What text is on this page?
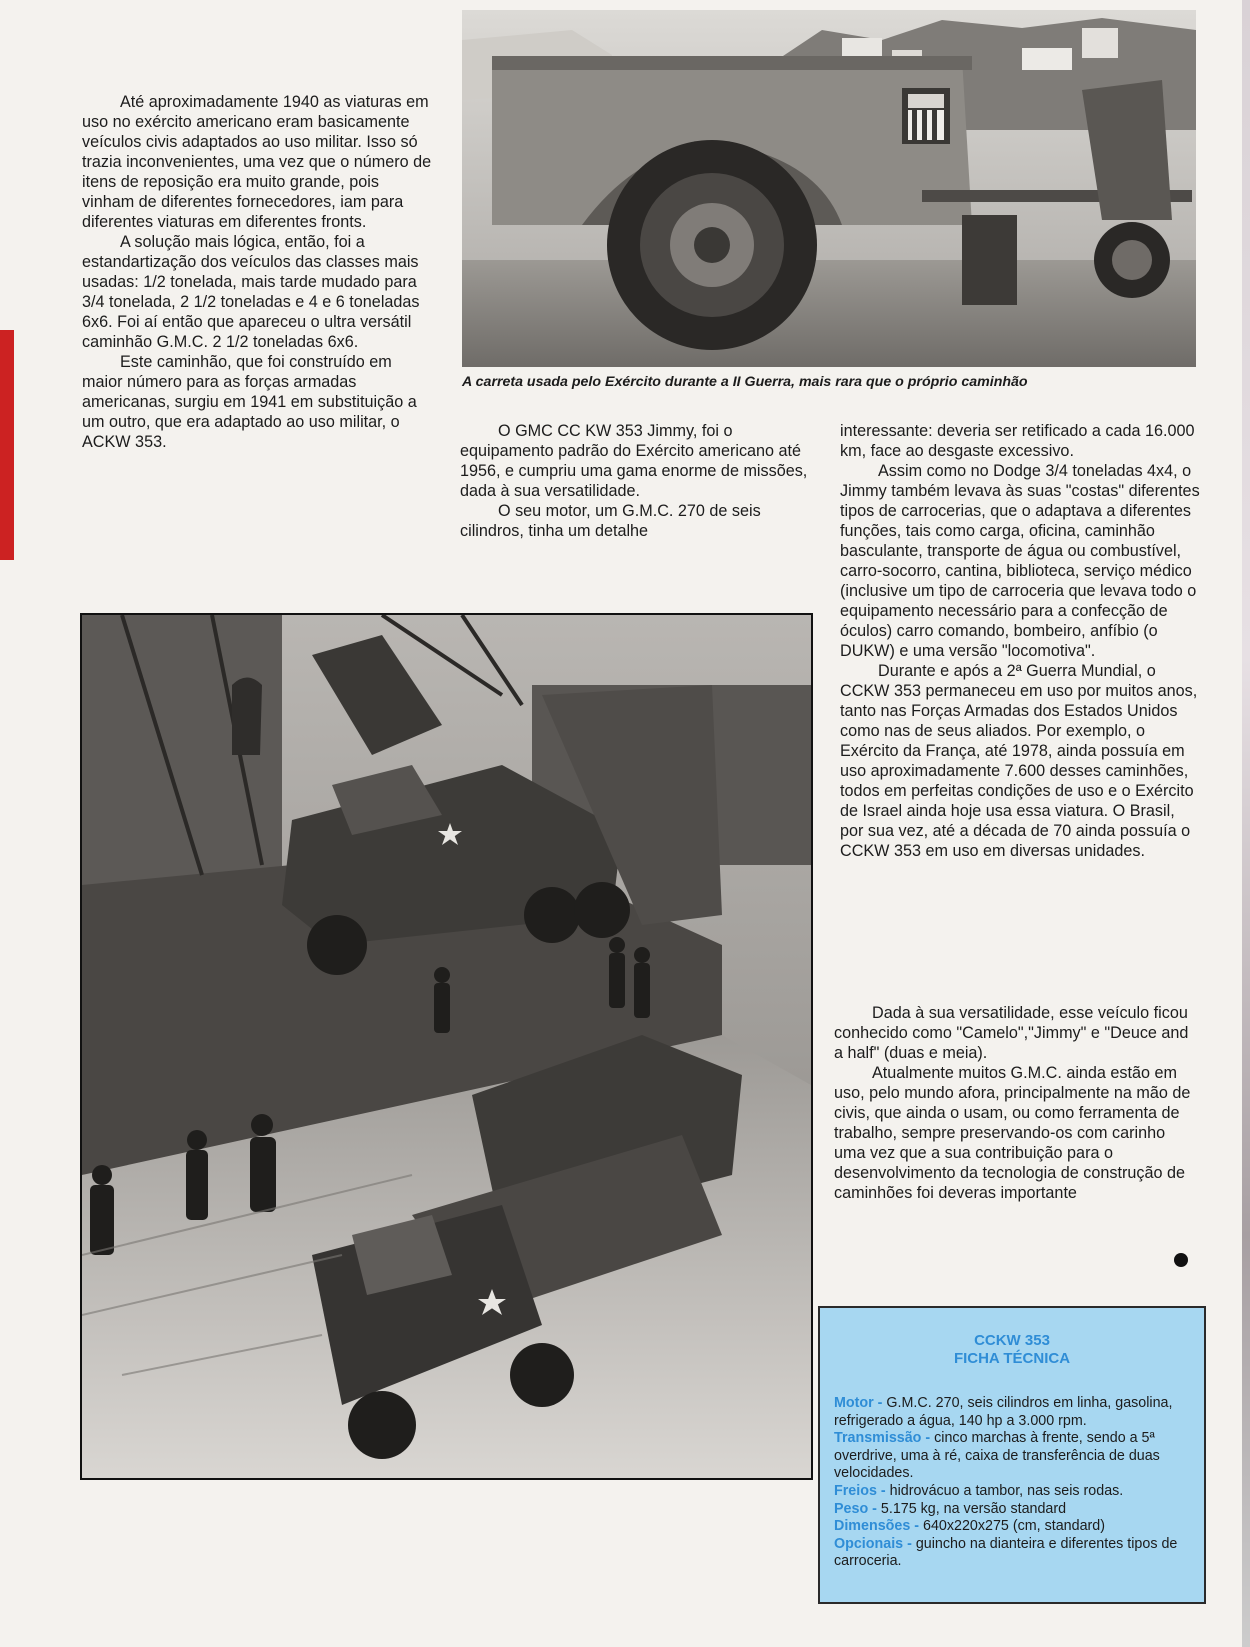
A carreta usada pelo Exército durante a II Guerra, mais rara que o próprio caminhão

Até aproximadamente 1940 as viaturas em uso no exército americano eram basicamente veículos civis adaptados ao uso militar. Isso só trazia inconvenientes, uma vez que o número de itens de reposição era muito grande, pois vinham de diferentes fornecedores, iam para diferentes viaturas em diferentes fronts.

A solução mais lógica, então, foi a estandartização dos veículos das classes mais usadas: 1/2 tonelada, mais tarde mudado para 3/4 tonelada, 2 1/2 toneladas e 4 e 6 toneladas 6x6. Foi aí então que apareceu o ultra versátil caminhão G.M.C. 2 1/2 toneladas 6x6.

Este caminhão, que foi construído em maior número para as forças armadas americanas, surgiu em 1941 em substituição a um outro, que era adaptado ao uso militar, o ACKW 353.

O GMC CC KW 353 Jimmy, foi o equipamento padrão do Exército americano até 1956, e cumpriu uma gama enorme de missões, dada à sua versatilidade.

O seu motor, um G.M.C. 270 de seis cilindros, tinha um detalhe

interessante: deveria ser retificado a cada 16.000 km, face ao desgaste excessivo.

Assim como no Dodge 3/4 toneladas 4x4, o Jimmy também levava às suas "costas" diferentes tipos de carrocerias, que o adaptava a diferentes funções, tais como carga, oficina, caminhão basculante, transporte de água ou combustível, carro-socorro, cantina, biblioteca, serviço médico (inclusive um tipo de carroceria que levava todo o equipamento necessário para a confecção de óculos) carro comando, bombeiro, anfíbio (o DUKW) e uma versão "locomotiva".

Durante e após a 2ª Guerra Mundial, o CCKW 353 permaneceu em uso por muitos anos, tanto nas Forças Armadas dos Estados Unidos como nas de seus aliados. Por exemplo, o Exército da França, até 1978, ainda possuía em uso aproximadamente 7.600 desses caminhões, todos em perfeitas condições de uso e o Exército de Israel ainda hoje usa essa viatura. O Brasil, por sua vez, até a década de 70 ainda possuía o CCKW 353 em uso em diversas unidades.

Dada à sua versatilidade, esse veículo ficou conhecido como "Camelo","Jimmy" e "Deuce and a half" (duas e meia).

Atualmente muitos G.M.C. ainda estão em uso, pelo mundo afora, principalmente na mão de civis, que ainda o usam, ou como ferramenta de trabalho, sempre preservando-os com carinho uma vez que a sua contribuição para o desenvolvimento da tecnologia de construção de caminhões foi deveras importante

CCKW 353
FICHA TÉCNICA

Motor - G.M.C. 270, seis cilindros em linha, gasolina, refrigerado a água, 140 hp a 3.000 rpm.

Transmissão - cinco marchas à frente, sendo a 5ª overdrive, uma à ré, caixa de transferência de duas velocidades.

Freios - hidrovácuo a tambor, nas seis rodas.

Peso - 5.175 kg, na versão standard

Dimensões - 640x220x275 (cm, standard)

Opcionais - guincho na dianteira e diferentes tipos de carroceria.
